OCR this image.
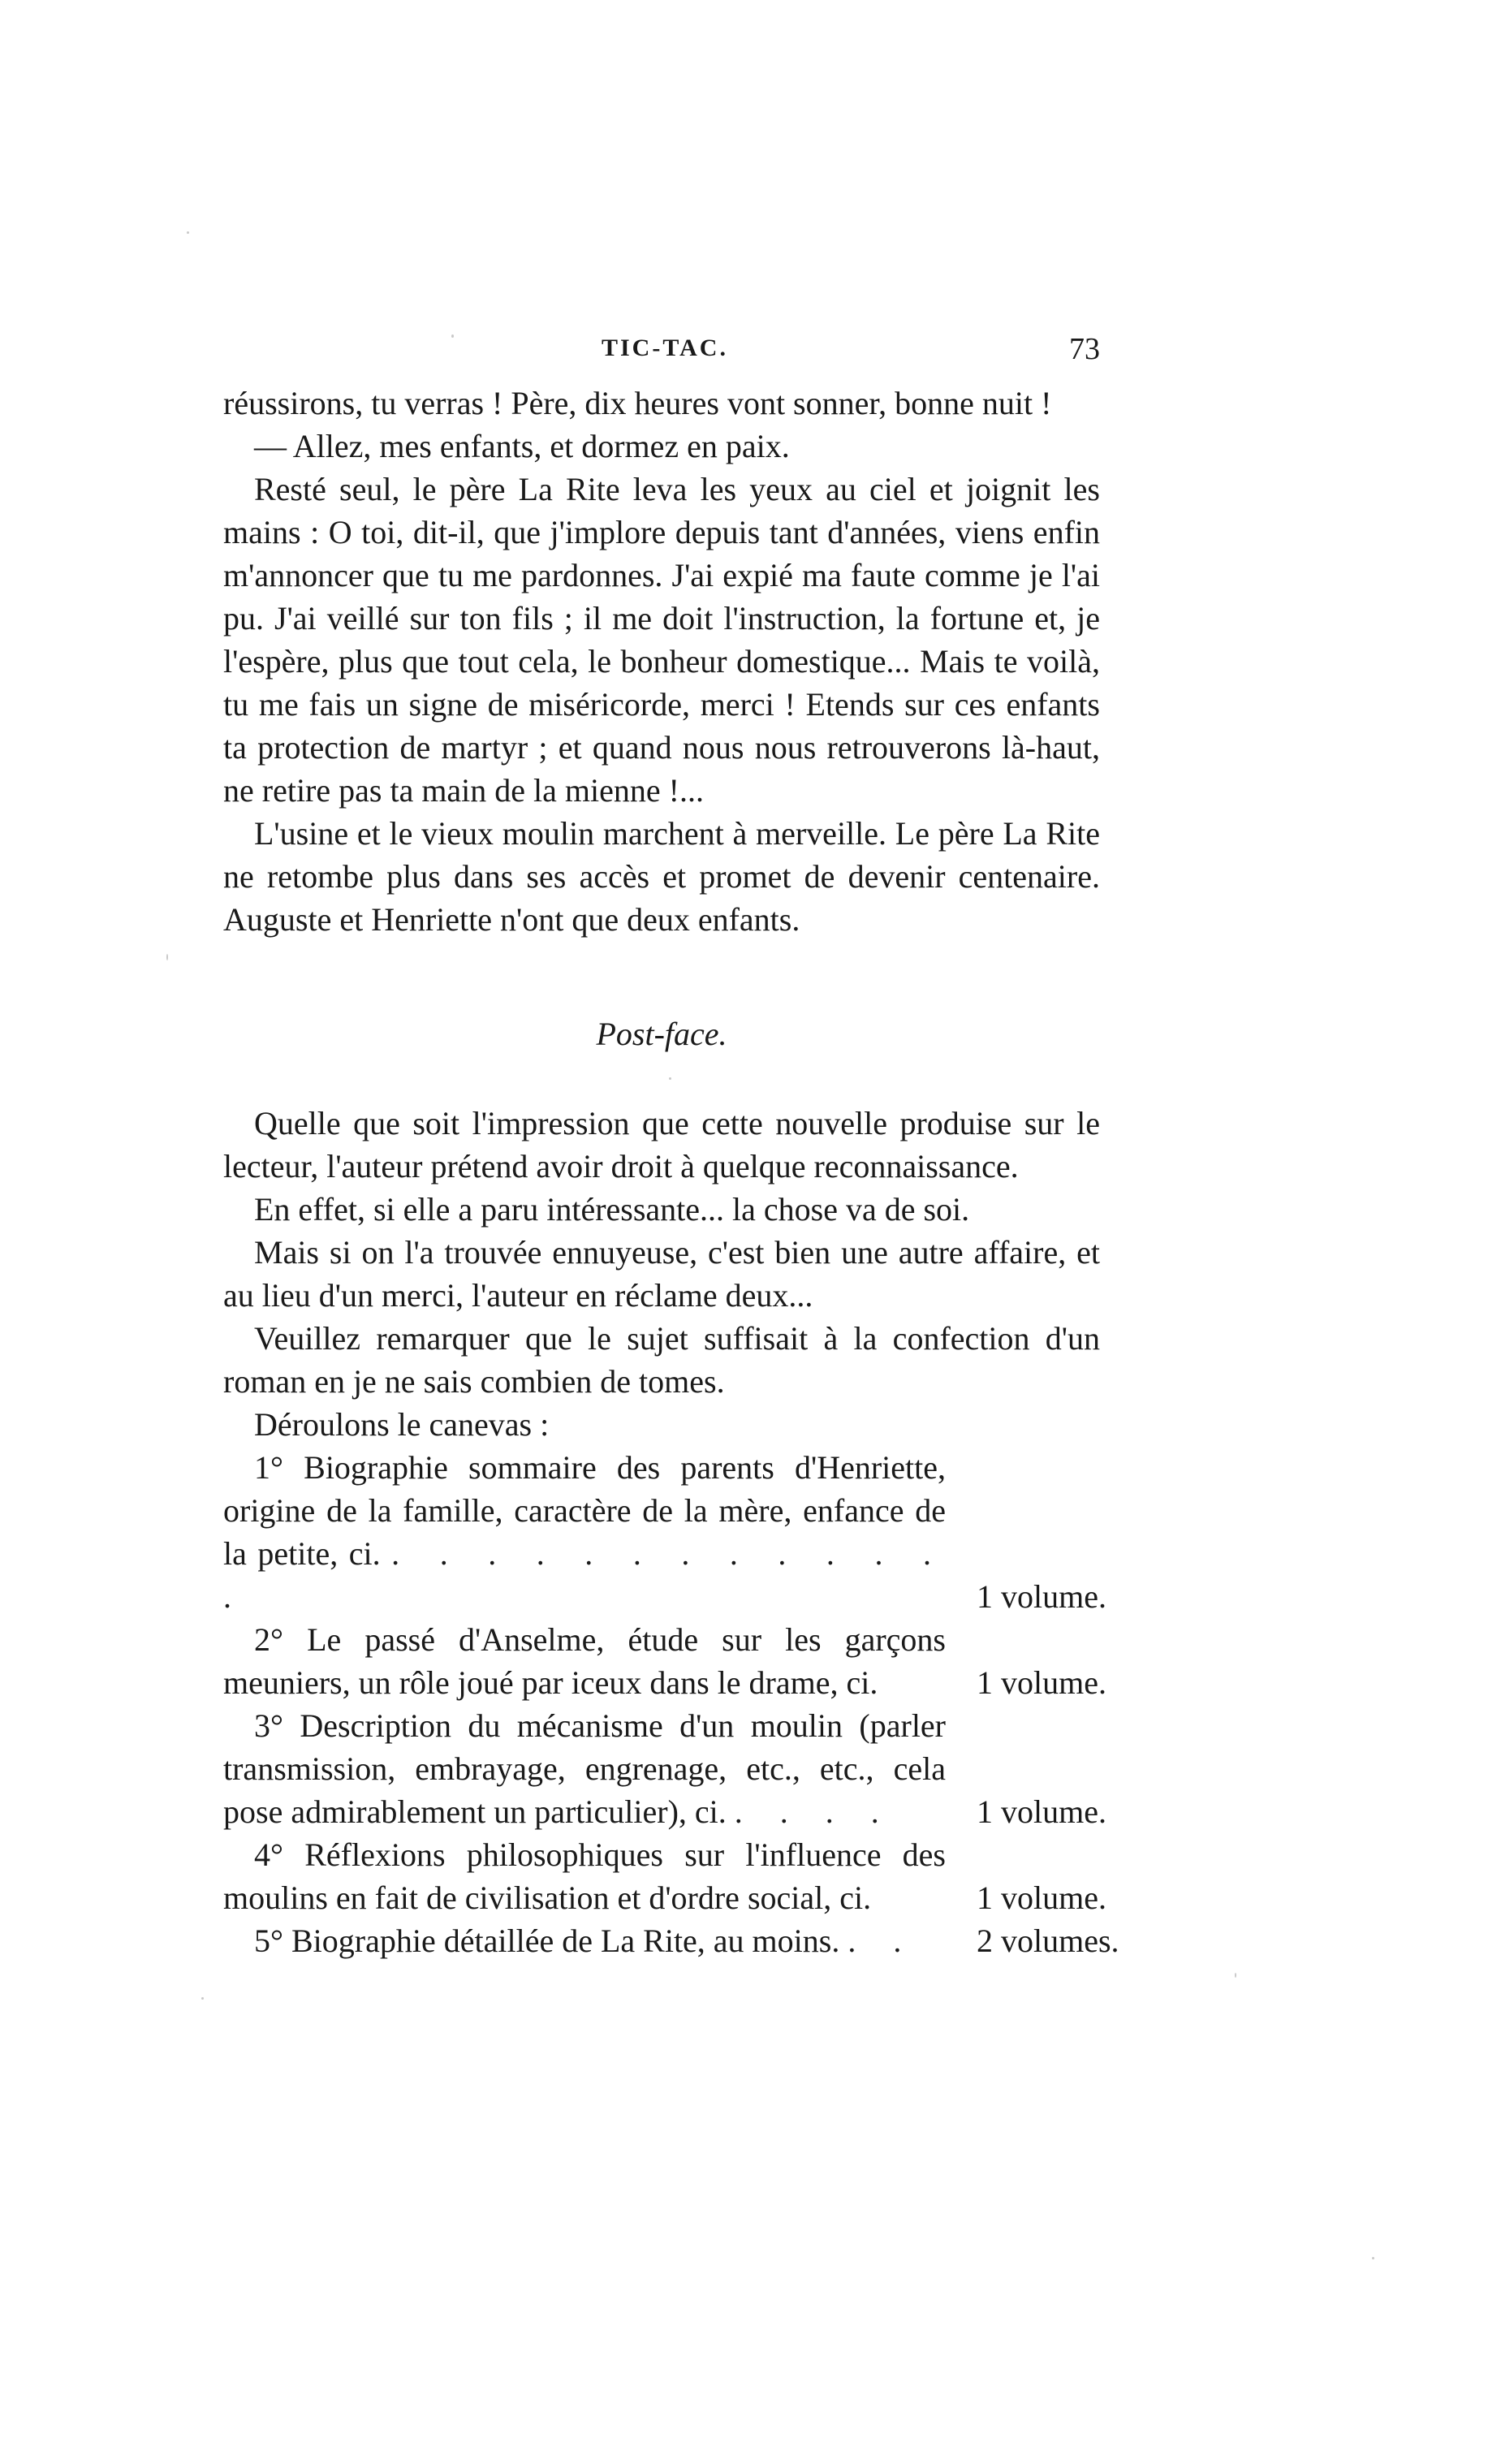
TIC-TAC.	73

réussirons, tu verras ! Père, dix heures vont sonner, bonne nuit !

— Allez, mes enfants, et dormez en paix.

Resté seul, le père La Rite leva les yeux au ciel et joignit les mains : O toi, dit-il, que j'implore depuis tant d'années, viens enfin m'annoncer que tu me pardonnes. J'ai expié ma faute comme je l'ai pu. J'ai veillé sur ton fils ; il me doit l'instruction, la fortune et, je l'espère, plus que tout cela, le bonheur domestique... Mais te voilà, tu me fais un signe de miséricorde, merci ! Etends sur ces enfants ta protection de martyr ; et quand nous nous retrouverons là-haut, ne retire pas ta main de la mienne !...

L'usine et le vieux moulin marchent à merveille. Le père La Rite ne retombe plus dans ses accès et promet de devenir centenaire. Auguste et Henriette n'ont que deux enfants.

Post-face.

Quelle que soit l'impression que cette nouvelle produise sur le lecteur, l'auteur prétend avoir droit à quelque reconnaissance.

En effet, si elle a paru intéressante... la chose va de soi.

Mais si on l'a trouvée ennuyeuse, c'est bien une autre affaire, et au lieu d'un merci, l'auteur en réclame deux...

Veuillez remarquer que le sujet suffisait à la confection d'un roman en je ne sais combien de tomes.

Déroulons le canevas :

1° Biographie sommaire des parents d'Henriette, origine de la famille, caractère de la mère, enfance de la petite, ci. . . . . . . . . . . . . .	1 volume.
2° Le passé d'Anselme, étude sur les garçons meuniers, un rôle joué par iceux dans le drame, ci.	1 volume.
3° Description du mécanisme d'un moulin (parler transmission, embrayage, engrenage, etc., etc., cela pose admirablement un particulier), ci. . . . .	1 volume.
4° Réflexions philosophiques sur l'influence des moulins en fait de civilisation et d'ordre social, ci.	1 volume.
5° Biographie détaillée de La Rite, au moins. . .	2 volumes.
